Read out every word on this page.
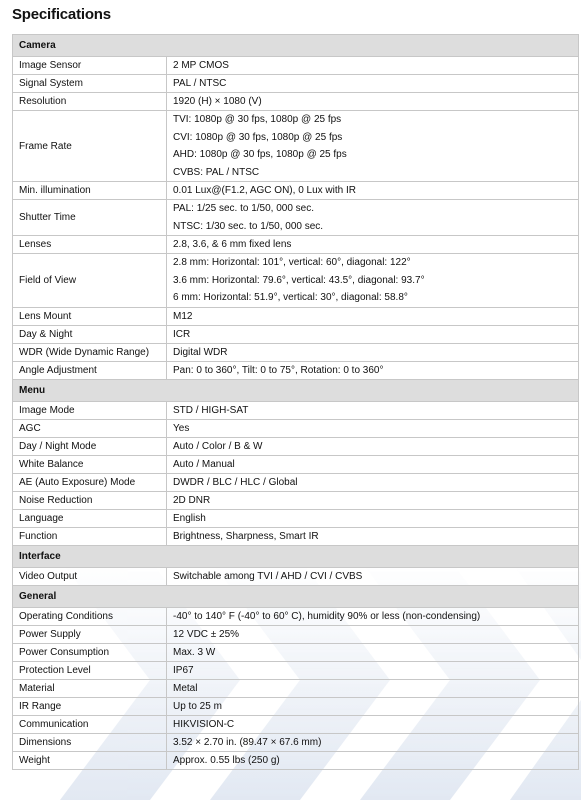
Specifications
Camera	
Image Sensor	2 MP CMOS
Signal System	PAL / NTSC
Resolution	1920 (H) × 1080 (V)
Frame Rate	TVI: 1080p @ 30 fps, 1080p @ 25 fps
CVI: 1080p @ 30 fps, 1080p @ 25 fps
AHD: 1080p @ 30 fps, 1080p @ 25 fps
CVBS: PAL / NTSC

Min. illumination	0.01 Lux@(F1.2, AGC ON), 0 Lux with IR
Shutter Time	PAL: 1/25 sec. to 1/50, 000 sec.
NTSC: 1/30 sec. to 1/50, 000 sec.

Lenses	2.8, 3.6, & 6 mm fixed lens
Field of View	2.8 mm: Horizontal: 101°, vertical: 60°, diagonal: 122°
3.6 mm: Horizontal: 79.6°, vertical: 43.5°, diagonal: 93.7°
6 mm: Horizontal: 51.9°, vertical: 30°, diagonal: 58.8°

Lens Mount	M12
Day & Night	ICR
WDR (Wide Dynamic Range)	Digital WDR
Angle Adjustment	Pan: 0 to 360°, Tilt: 0 to 75°, Rotation: 0 to 360°
Menu	
Image Mode	STD / HIGH-SAT
AGC	Yes
Day / Night Mode	Auto / Color / B & W
White Balance	Auto / Manual
AE (Auto Exposure) Mode	DWDR / BLC / HLC / Global
Noise Reduction	2D DNR
Language	English
Function	Brightness, Sharpness, Smart IR
Interface	
Video Output	Switchable among TVI / AHD / CVI / CVBS
General	
Operating Conditions	-40° to 140° F (-40° to 60° C), humidity 90% or less (non-condensing)
Power Supply	12 VDC ± 25%
Power Consumption	Max. 3 W
Protection Level	IP67
Material	Metal
IR Range	Up to 25 m
Communication	HIKVISION-C
Dimensions	3.52 × 2.70 in. (89.47 × 67.6 mm)
Weight	Approx. 0.55 lbs (250 g)
